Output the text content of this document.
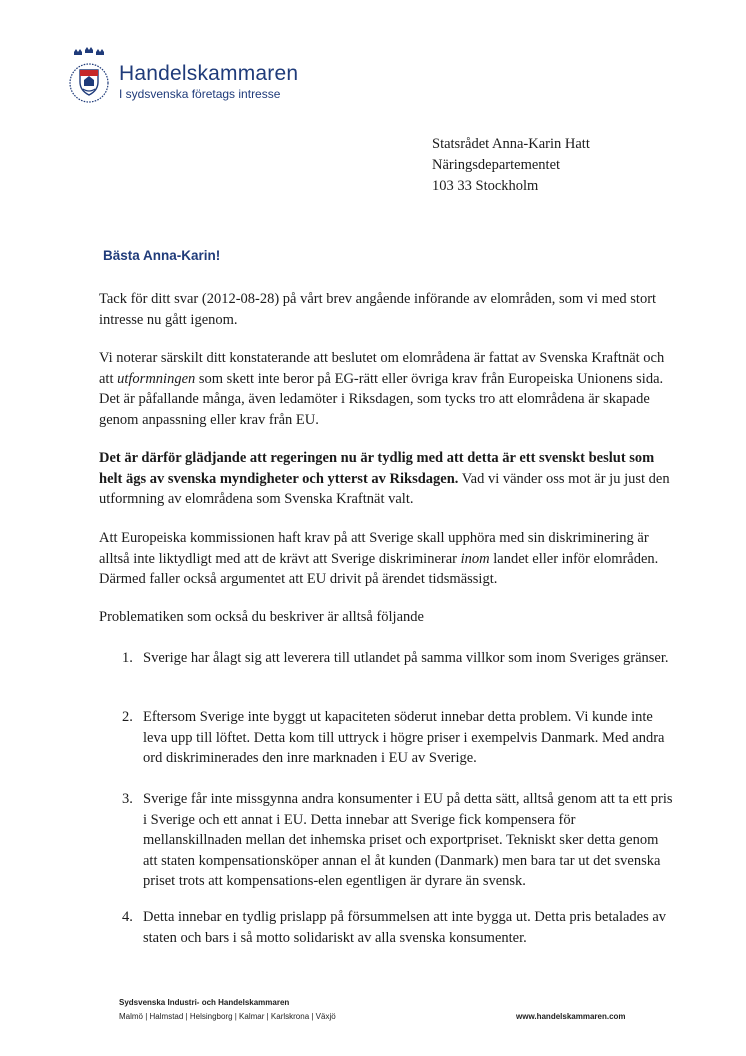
Handelskammaren
I sydsvenska företags intresse
Statsrådet Anna-Karin Hatt
Näringsdepartementet
103 33 Stockholm
Bästa Anna-Karin!

Tack för ditt svar (2012-08-28) på vårt brev angående införande av elområden, som vi med stort intresse nu gått igenom.

Vi noterar särskilt ditt konstaterande att beslutet om elområdena är fattat av Svenska Kraftnät och att utformningen som skett inte beror på EG-rätt eller övriga krav från Europeiska Unionens sida. Det är påfallande många, även ledamöter i Riksdagen, som tycks tro att elområdena är skapade genom anpassning eller krav från EU.

Det är därför glädjande att regeringen nu är tydlig med att detta är ett svenskt beslut som helt ägs av svenska myndigheter och ytterst av Riksdagen. Vad vi vänder oss mot är ju just den utformning av elområdena som Svenska Kraftnät valt.

Att Europeiska kommissionen haft krav på att Sverige skall upphöra med sin diskriminering är alltså inte liktydligt med att de krävt att Sverige diskriminerar inom landet eller inför elområden. Därmed faller också argumentet att EU drivit på ärendet tidsmässigt.

Problematiken som också du beskriver är alltså följande

1. Sverige har ålagt sig att leverera till utlandet på samma villkor som inom Sveriges gränser.
2. Eftersom Sverige inte byggt ut kapaciteten söderut innebar detta problem. Vi kunde inte leva upp till löftet. Detta kom till uttryck i högre priser i exempelvis Danmark. Med andra ord diskriminerades den inre marknaden i EU av Sverige.
3. Sverige får inte missgynna andra konsumenter i EU på detta sätt, alltså genom att ta ett pris i Sverige och ett annat i EU. Detta innebar att Sverige fick kompensera för mellanskillnaden mellan det inhemska priset och exportpriset. Tekniskt sker detta genom att staten kompensationsköper annan el åt kunden (Danmark) men bara tar ut det svenska priset trots att kompensations-elen egentligen är dyrare än svensk.
4. Detta innebar en tydlig prislapp på försummelsen att inte bygga ut. Detta pris betalades av staten och bars i så motto solidariskt av alla svenska konsumenter.
Sydsvenska Industri- och Handelskammaren
Malmö | Halmstad | Helsingborg | Kalmar | Karlskrona | Växjö	www.handelskammaren.com
